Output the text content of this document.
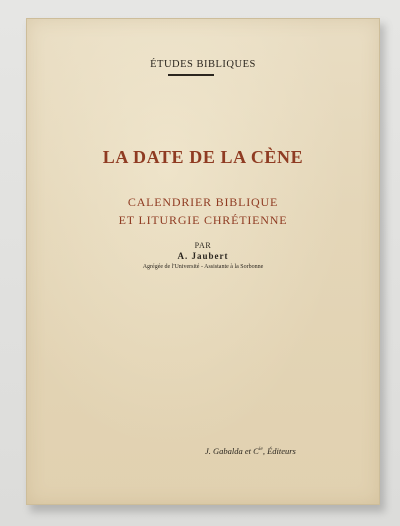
ÉTUDES BIBLIQUES
LA DATE DE LA CÈNE
CALENDRIER BIBLIQUE
ET LITURGIE CHRÉTIENNE
PAR
A. Jaubert
Agrégée de l'Université - Assistante à la Sorbonne
J. Gabalda et $C^{ie}$, Éditeurs
